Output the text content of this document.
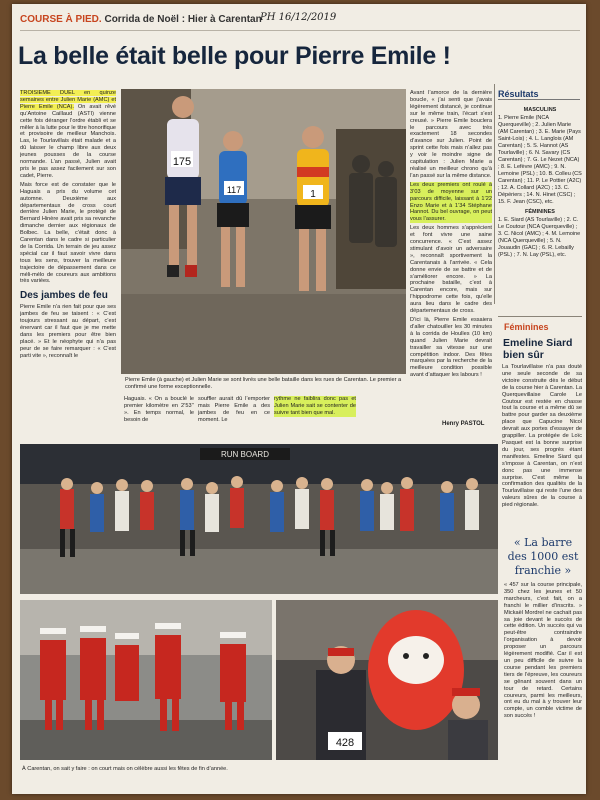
COURSE À PIED. Corrida de Noël : Hier à Carentan
PH 16/12/2019
La belle était belle pour Pierre Emile !

TROISIÈME DUEL en quinze semaines entre Julien Marie (AMC) et Pierre Emile (NCA). On avait rêvé qu’Antoine Caillaud (ASTI) vienne cette fois déranger l’ordre établi et se mêler à la lutte pour le titre honorifique et provisoire de meilleur Manchois. Las, le Tourlavillais était malade et a dû laisser le champ libre aux deux jeunes pousses de la course normande. L’an passé, Julien avait pris le pas assez facilement sur son cadet, Pierre.

Mais force est de constater que le Haguais a pris du volume cet automne. Deuxième aux départementaux de cross court derrière Julien Marie, le protégé de Bernard Hinère avait pris sa revanche dimanche dernier aux régionaux de Bolbec. La belle, c’était donc à Carentan dans le cadre si particulier de la Corrida. Un terrain de jeu assez spécial car il faut savoir vivre dans tous les sens, trouver la meilleure trajectoire de dépassement dans ce méli-mélo de coureurs aux ambitions très variées.

Des jambes de feu

Pierre Emile n’a rien fait pour que ses jambes de feu se taisent : « C’est toujours stressant au départ, c’est énervant car il faut que je me mette dans les premiers pour être bien placé. » Et le néophyte qui n’a pas peur de se faire remarquer : « C’est parti vite », reconnaît le

175
117	1
Pierre Emile (à gauche) et Julien Marie se sont livrés une belle bataille dans les rues de Carentan. Le premier a confirmé une forme exceptionnelle.

Haguais. « On a bouclé le premier kilomètre en 2’53’’ ». En temps normal, le besoin de

souffler aurait dû l’emporter mais Pierre Emile a des jambes de feu en ce moment. Le

rythme ne faiblira donc pas et Julien Marie sait se contenter de suivre tant bien que mal.

Avant l’amorce de la dernière boucle, « j’ai senti que j’avais légèrement distancé, je continue sur le même train, l’écart s’est creusé. » Pierre Emile bouclera le parcours avec très exactement 18 secondes d’avance sur Julien. Point de sprint cette fois mais n’allez pas y voir le moindre signe de capitulation : Julien Marie a réalisé un meilleur chrono qu’à l’an passé sur la même distance.

Les deux premiers ont roulé à 3’03 de moyenne sur un parcours difficile, laissant à 1’22 Enzo Marie et à 1’34 Stéphane Hannot. Du bel ouvrage, on peut vous l’assurer.

Les deux hommes s’apprécient et font vivre une saine concurrence. « C’est assez stimulant d’avoir un adversaire », reconnaît sportivement la Carentanais à l’arrivée. « Cela donne envie de se battre et de s’améliorer encore. » La prochaine bataille, c’est à Carentan encore, mais sur l’hippodrome cette fois, qu’elle aura lieu dans le cadre des départementaux de cross.

D’ici là, Pierre Emile essaiera d’aller chatouiller les 30 minutes à la corrida de Houlles (10 km) quand Julien Marie devrait travailler sa vitesse sur une compétition indoor. Des fêtes marquées par la recherche de la meilleure condition possible avant d’attaquer les labours !

Henry PASTOL
Résultats
MASCULINS
1. Pierre Emile (NCA Querqueville) ; 2. Julien Marie (AM Carentan) ; 3. E. Marie (Pays Saint-Lois) ; 4. L. Langlois (AM Carentan) ; 5. S. Hannot (AS Tourlaville) ; 6. N. Savary (CS Carentan) ; 7. G. Le Nezet (NCA) ; 8. E. Lefèvre (AMC) ; 9. N. Lemoine (PSL) ; 10. B. Colleu (CS Carentan) ; 11. P. Le Pottier (A2C) ; 12. A. Collard (A2C) ; 13. C. Dépériers ; 14. N. Hinet (CSC) ; 15. F. Jean (CSC), etc.
FÉMININES
1. E. Siard (AS Tourlaville) ; 2. C. Le Coutour (NCA Querqueville) ; 3. C. Nicol (AMC) ; 4. M. Lemoine (NCA Querqueville) ; 5. N. Jouaudin (GAC) ; 6. R. Lebailly (PSL) ; 7. N. Lay (PSL), etc.
Féminines
Emeline Siard bien sûr

La Tourlavillaise n’a pas douté une seule seconde de sa victoire construite dès le début de la course hier à Carentan. La Querquevillaise Carole Le Coutour est restée en chasse tout la course et a même dû se battre pour garder sa deuxième place que Capucine Nicol devrait aux portes d’essayer de grappiller. La protégée de Loïc Pasquet est la bonne surprise du jour, ses progrès étant manifestes. Emeline Siard qui s’impose à Carentan, on n’est donc pas une immense surprise. C’est même la confirmation des qualités de la Tourlavillaise qui reste l’une des valeurs sûres de la course à pied régionale.

« La barre des 1000 est franchie »

« 457 sur la course principale, 350 chez les jeunes et 50 marcheurs, c’est fait, on a franchi le millier d’inscrits. » Mickaël Mordrel ne cachait pas sa joie devant le succès de cette édition. Un succès qui va peut-être contraindre l’organisation à devoir proposer un parcours légèrement modifié. Car il est un peu difficile de suivre la course pendant les premiers tiers de l’épreuve, les coureurs se gênant souvent dans un tour de retard. Certains coureurs, parmi les meilleurs, ont eu du mal à y trouver leur compte, un comble victime de son succès !

RUN BOARD
428
À Carentan, on sait y faire : on court mais on célèbre aussi les fêtes de fin d’année.
